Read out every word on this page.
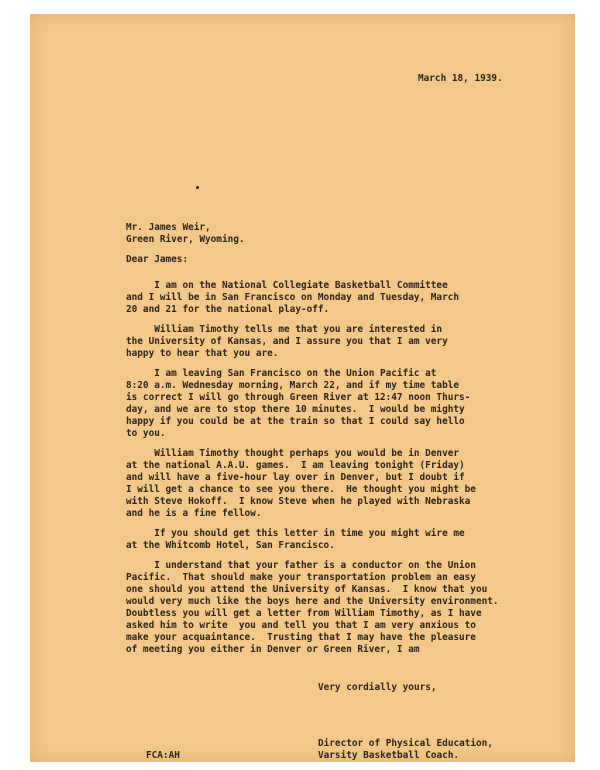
March 18, 1939.
Mr. James Weir,
Green River, Wyoming.
Dear James:
I am on the National Collegiate Basketball Committee
and I will be in San Francisco on Monday and Tuesday, March
20 and 21 for the national play-off.
William Timothy tells me that you are interested in
the University of Kansas, and I assure you that I am very
happy to hear that you are.
I am leaving San Francisco on the Union Pacific at
8:20 a.m. Wednesday morning, March 22, and if my time table
is correct I will go through Green River at 12:47 noon Thurs-
day, and we are to stop there 10 minutes.  I would be mighty
happy if you could be at the train so that I could say hello
to you.
William Timothy thought perhaps you would be in Denver
at the national A.A.U. games.  I am leaving tonight (Friday)
and will have a five-hour lay over in Denver, but I doubt if
I will get a chance to see you there.  He thought you might be
with Steve Hokoff.  I know Steve when he played with Nebraska
and he is a fine fellow.
If you should get this letter in time you might wire me
at the Whitcomb Hotel, San Francisco.
I understand that your father is a conductor on the Union
Pacific.  That should make your transportation problem an easy
one should you attend the University of Kansas.  I know that you
would very much like the boys here and the University environment.
Doubtless you will get a letter from William Timothy, as I have
asked him to write  you and tell you that I am very anxious to
make your acquaintance.  Trusting that I may have the pleasure
of meeting you either in Denver or Green River, I am
Very cordially yours,
Director of Physical Education,
Varsity Basketball Coach.
FCA:AH
